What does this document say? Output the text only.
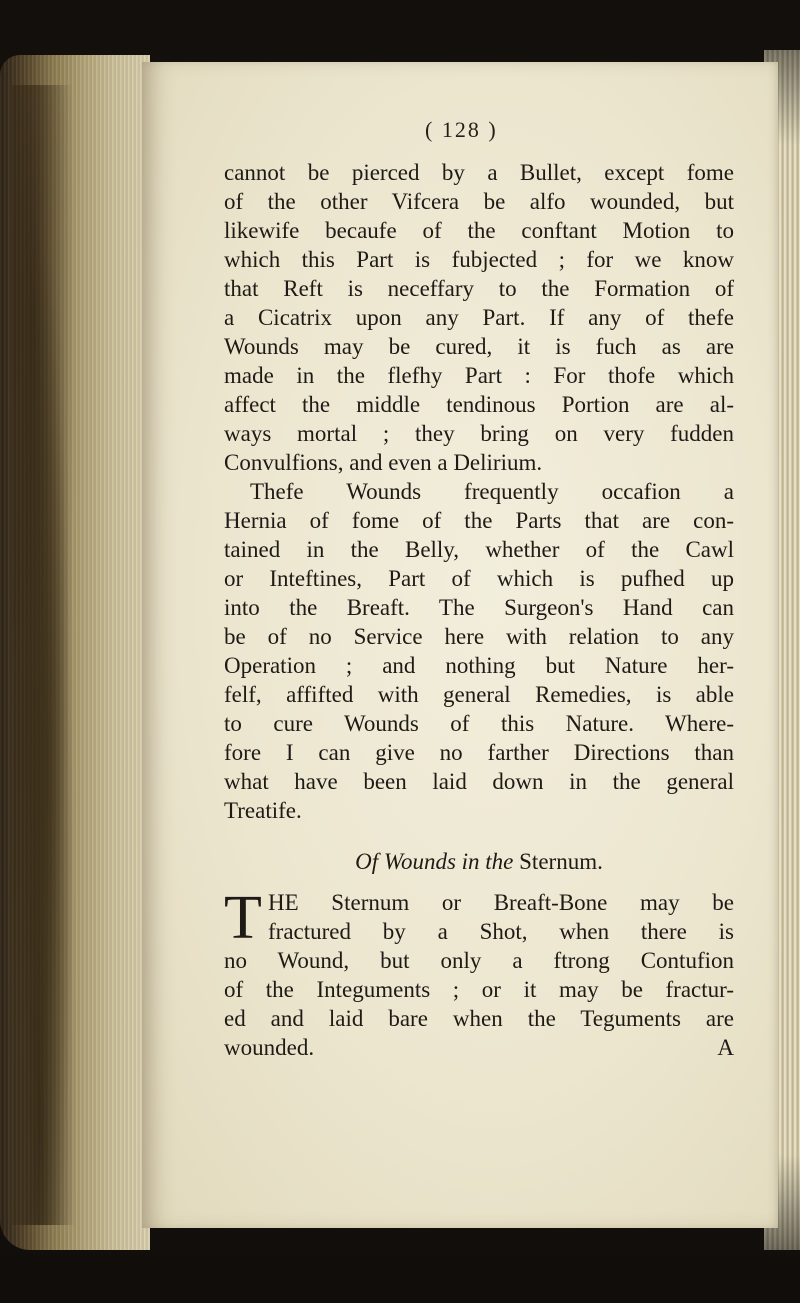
( 128 )
cannot be pierced by a Bullet, except fome
of the other Vifcera be alfo wounded, but
likewife becaufe of the conftant Motion to
which this Part is fubjected ; for we know
that Reft is neceffary to the Formation of
a Cicatrix upon any Part. If any of thefe
Wounds may be cured, it is fuch as are
made in the flefhy Part : For thofe which
affect the middle tendinous Portion are al-
ways mortal ; they bring on very fudden
Convulfions, and even a Delirium.
Thefe Wounds frequently occafion a
Hernia of fome of the Parts that are con-
tained in the Belly, whether of the Cawl
or Inteftines, Part of which is pufhed up
into the Breaft. The Surgeon's Hand can
be of no Service here with relation to any
Operation ; and nothing but Nature her-
felf, affifted with general Remedies, is able
to cure Wounds of this Nature. Where-
fore I can give no farther Directions than
what have been laid down in the general
Treatife.
Of Wounds in the Sternum.
T HE Sternum or Breaft-Bone may be
fractured by a Shot, when there is
no Wound, but only a ftrong Contufion
of the Integuments ; or it may be fractur-
ed and laid bare when the Teguments are
wounded.	A
